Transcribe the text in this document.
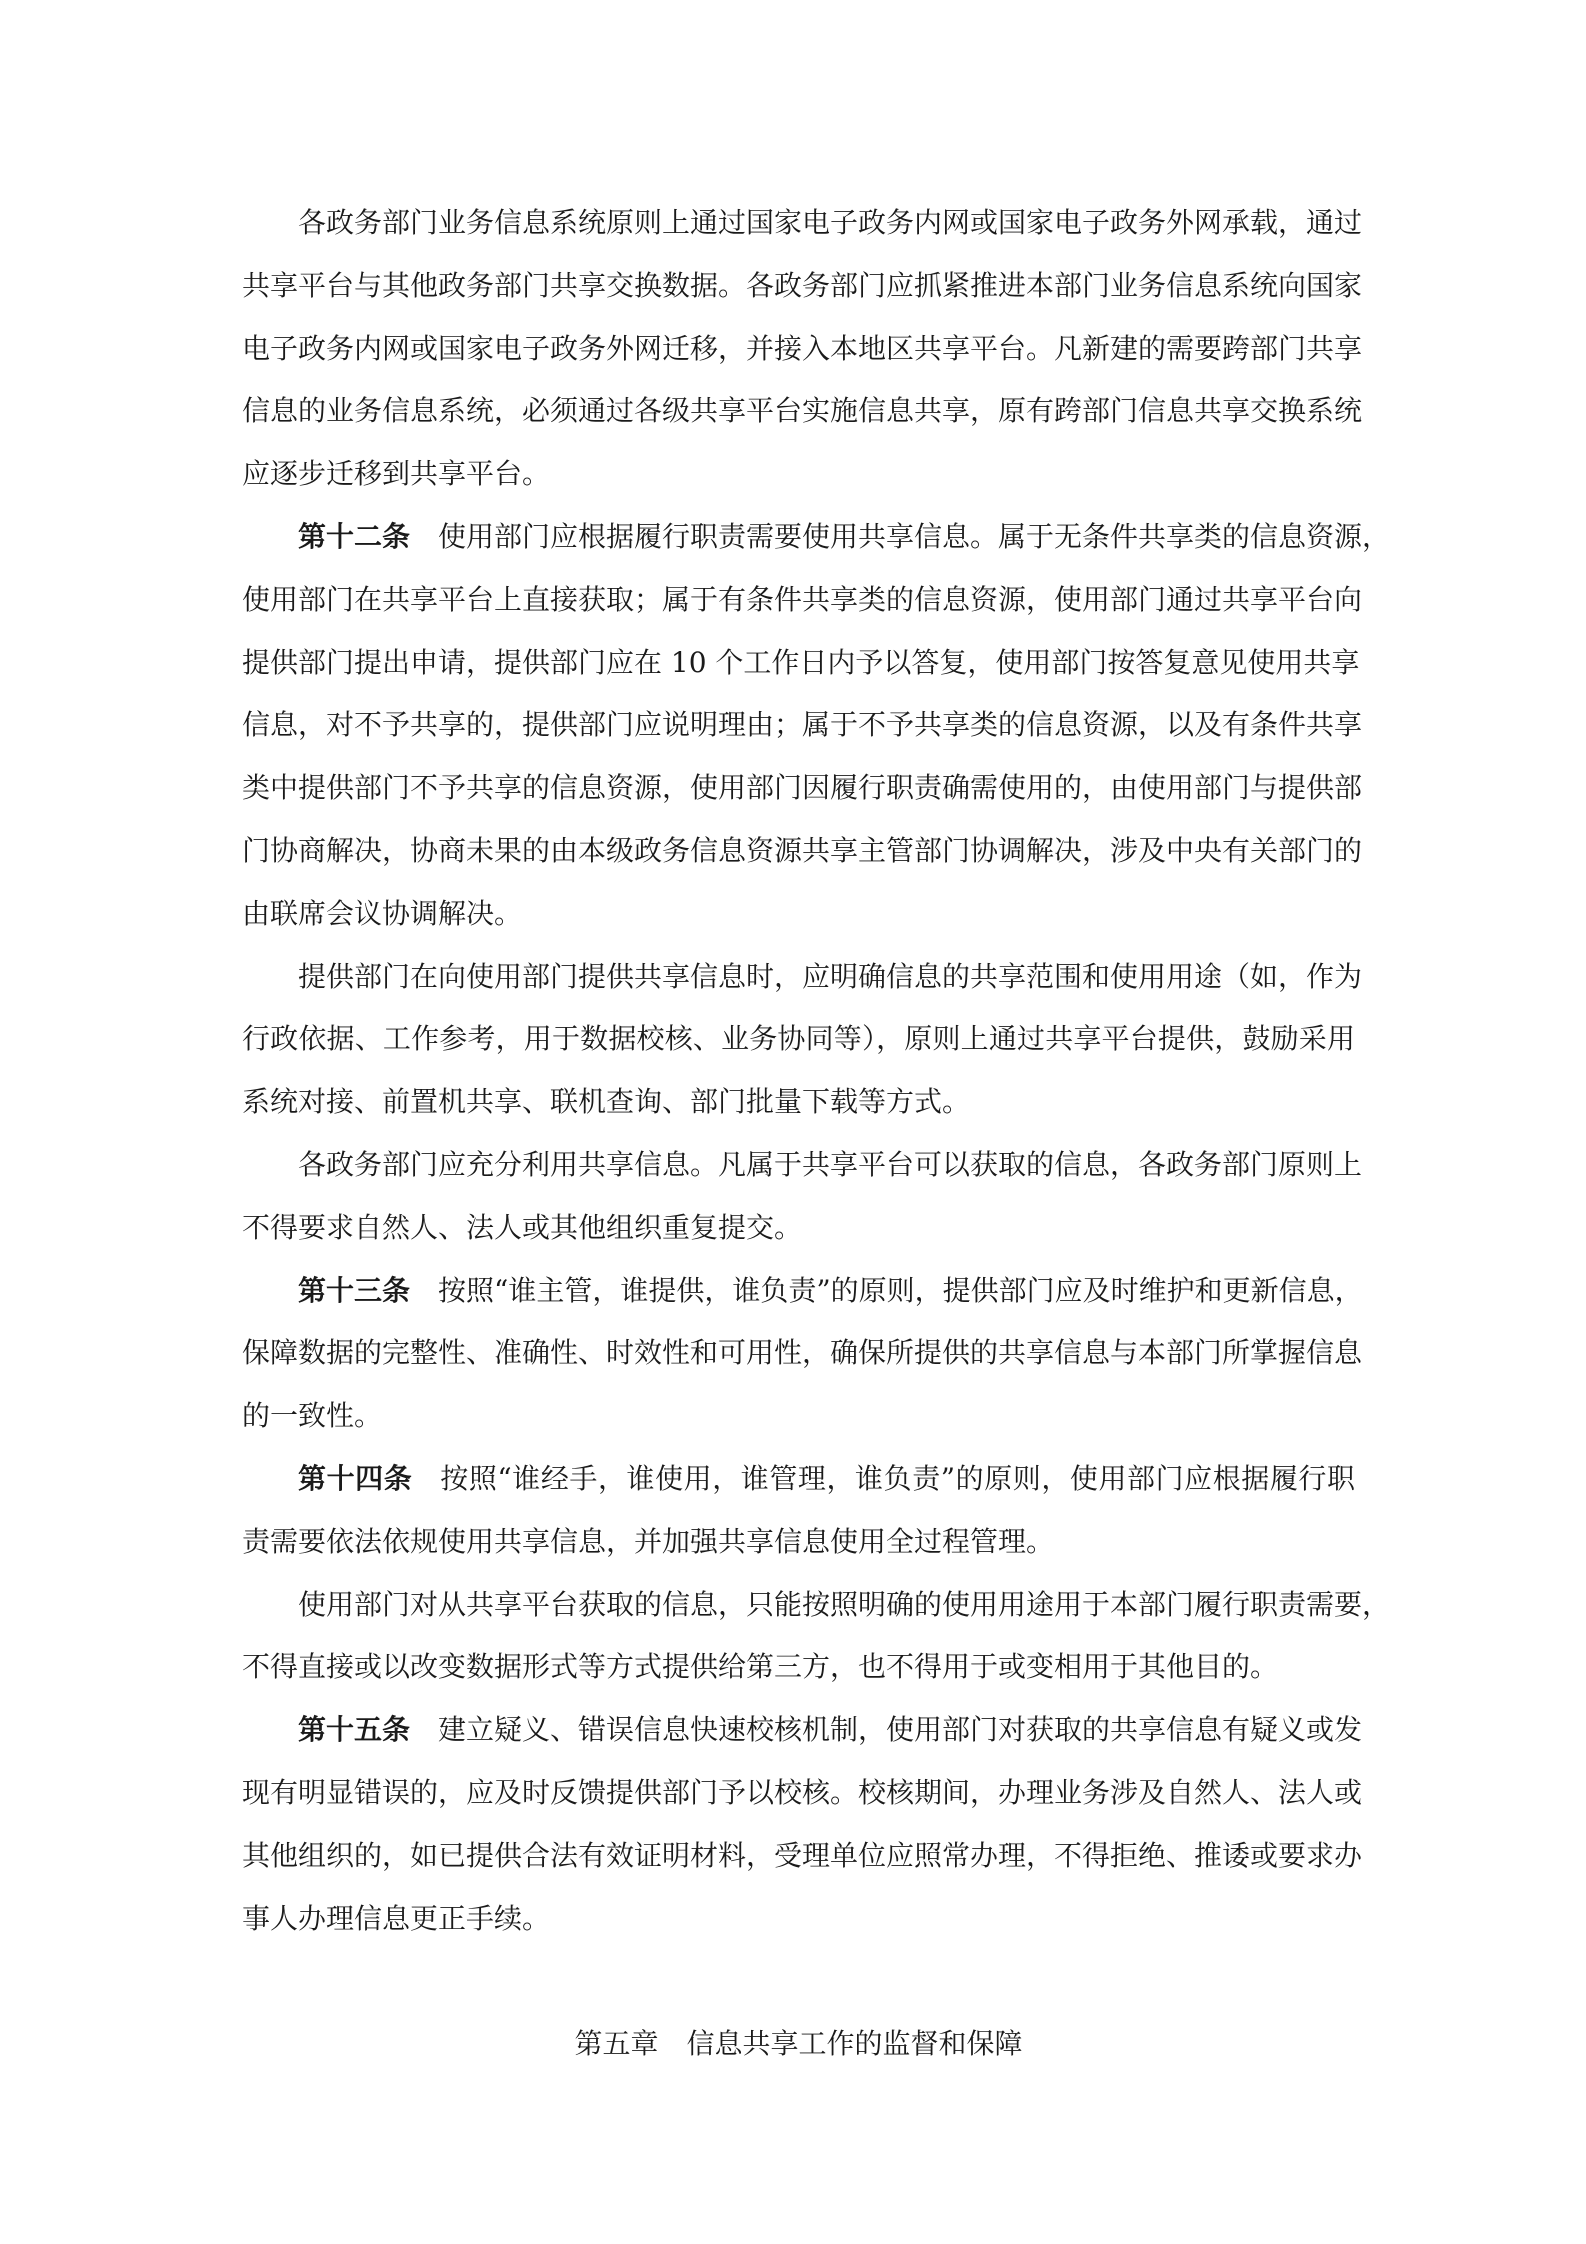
各政务部门业务信息系统原则上通过国家电子政务内网或国家电子政务外网承载，通过
共享平台与其他政务部门共享交换数据。各政务部门应抓紧推进本部门业务信息系统向国家
电子政务内网或国家电子政务外网迁移，并接入本地区共享平台。凡新建的需要跨部门共享
信息的业务信息系统，必须通过各级共享平台实施信息共享，原有跨部门信息共享交换系统
应逐步迁移到共享平台。
第十二条 使用部门应根据履行职责需要使用共享信息。属于无条件共享类的信息资源，
使用部门在共享平台上直接获取；属于有条件共享类的信息资源，使用部门通过共享平台向
提供部门提出申请，提供部门应在 10 个工作日内予以答复，使用部门按答复意见使用共享
信息，对不予共享的，提供部门应说明理由；属于不予共享类的信息资源，以及有条件共享
类中提供部门不予共享的信息资源，使用部门因履行职责确需使用的，由使用部门与提供部
门协商解决，协商未果的由本级政务信息资源共享主管部门协调解决，涉及中央有关部门的
由联席会议协调解决。
提供部门在向使用部门提供共享信息时，应明确信息的共享范围和使用用途（如，作为
行政依据、工作参考，用于数据校核、业务协同等），原则上通过共享平台提供，鼓励采用
系统对接、前置机共享、联机查询、部门批量下载等方式。
各政务部门应充分利用共享信息。凡属于共享平台可以获取的信息，各政务部门原则上
不得要求自然人、法人或其他组织重复提交。
第十三条 按照“谁主管，谁提供，谁负责”的原则，提供部门应及时维护和更新信息，
保障数据的完整性、准确性、时效性和可用性，确保所提供的共享信息与本部门所掌握信息
的一致性。
第十四条 按照“谁经手，谁使用，谁管理，谁负责”的原则，使用部门应根据履行职
责需要依法依规使用共享信息，并加强共享信息使用全过程管理。
使用部门对从共享平台获取的信息，只能按照明确的使用用途用于本部门履行职责需要，
不得直接或以改变数据形式等方式提供给第三方，也不得用于或变相用于其他目的。
第十五条 建立疑义、错误信息快速校核机制，使用部门对获取的共享信息有疑义或发
现有明显错误的，应及时反馈提供部门予以校核。校核期间，办理业务涉及自然人、法人或
其他组织的，如已提供合法有效证明材料，受理单位应照常办理，不得拒绝、推诿或要求办
事人办理信息更正手续。
第五章 信息共享工作的监督和保障
